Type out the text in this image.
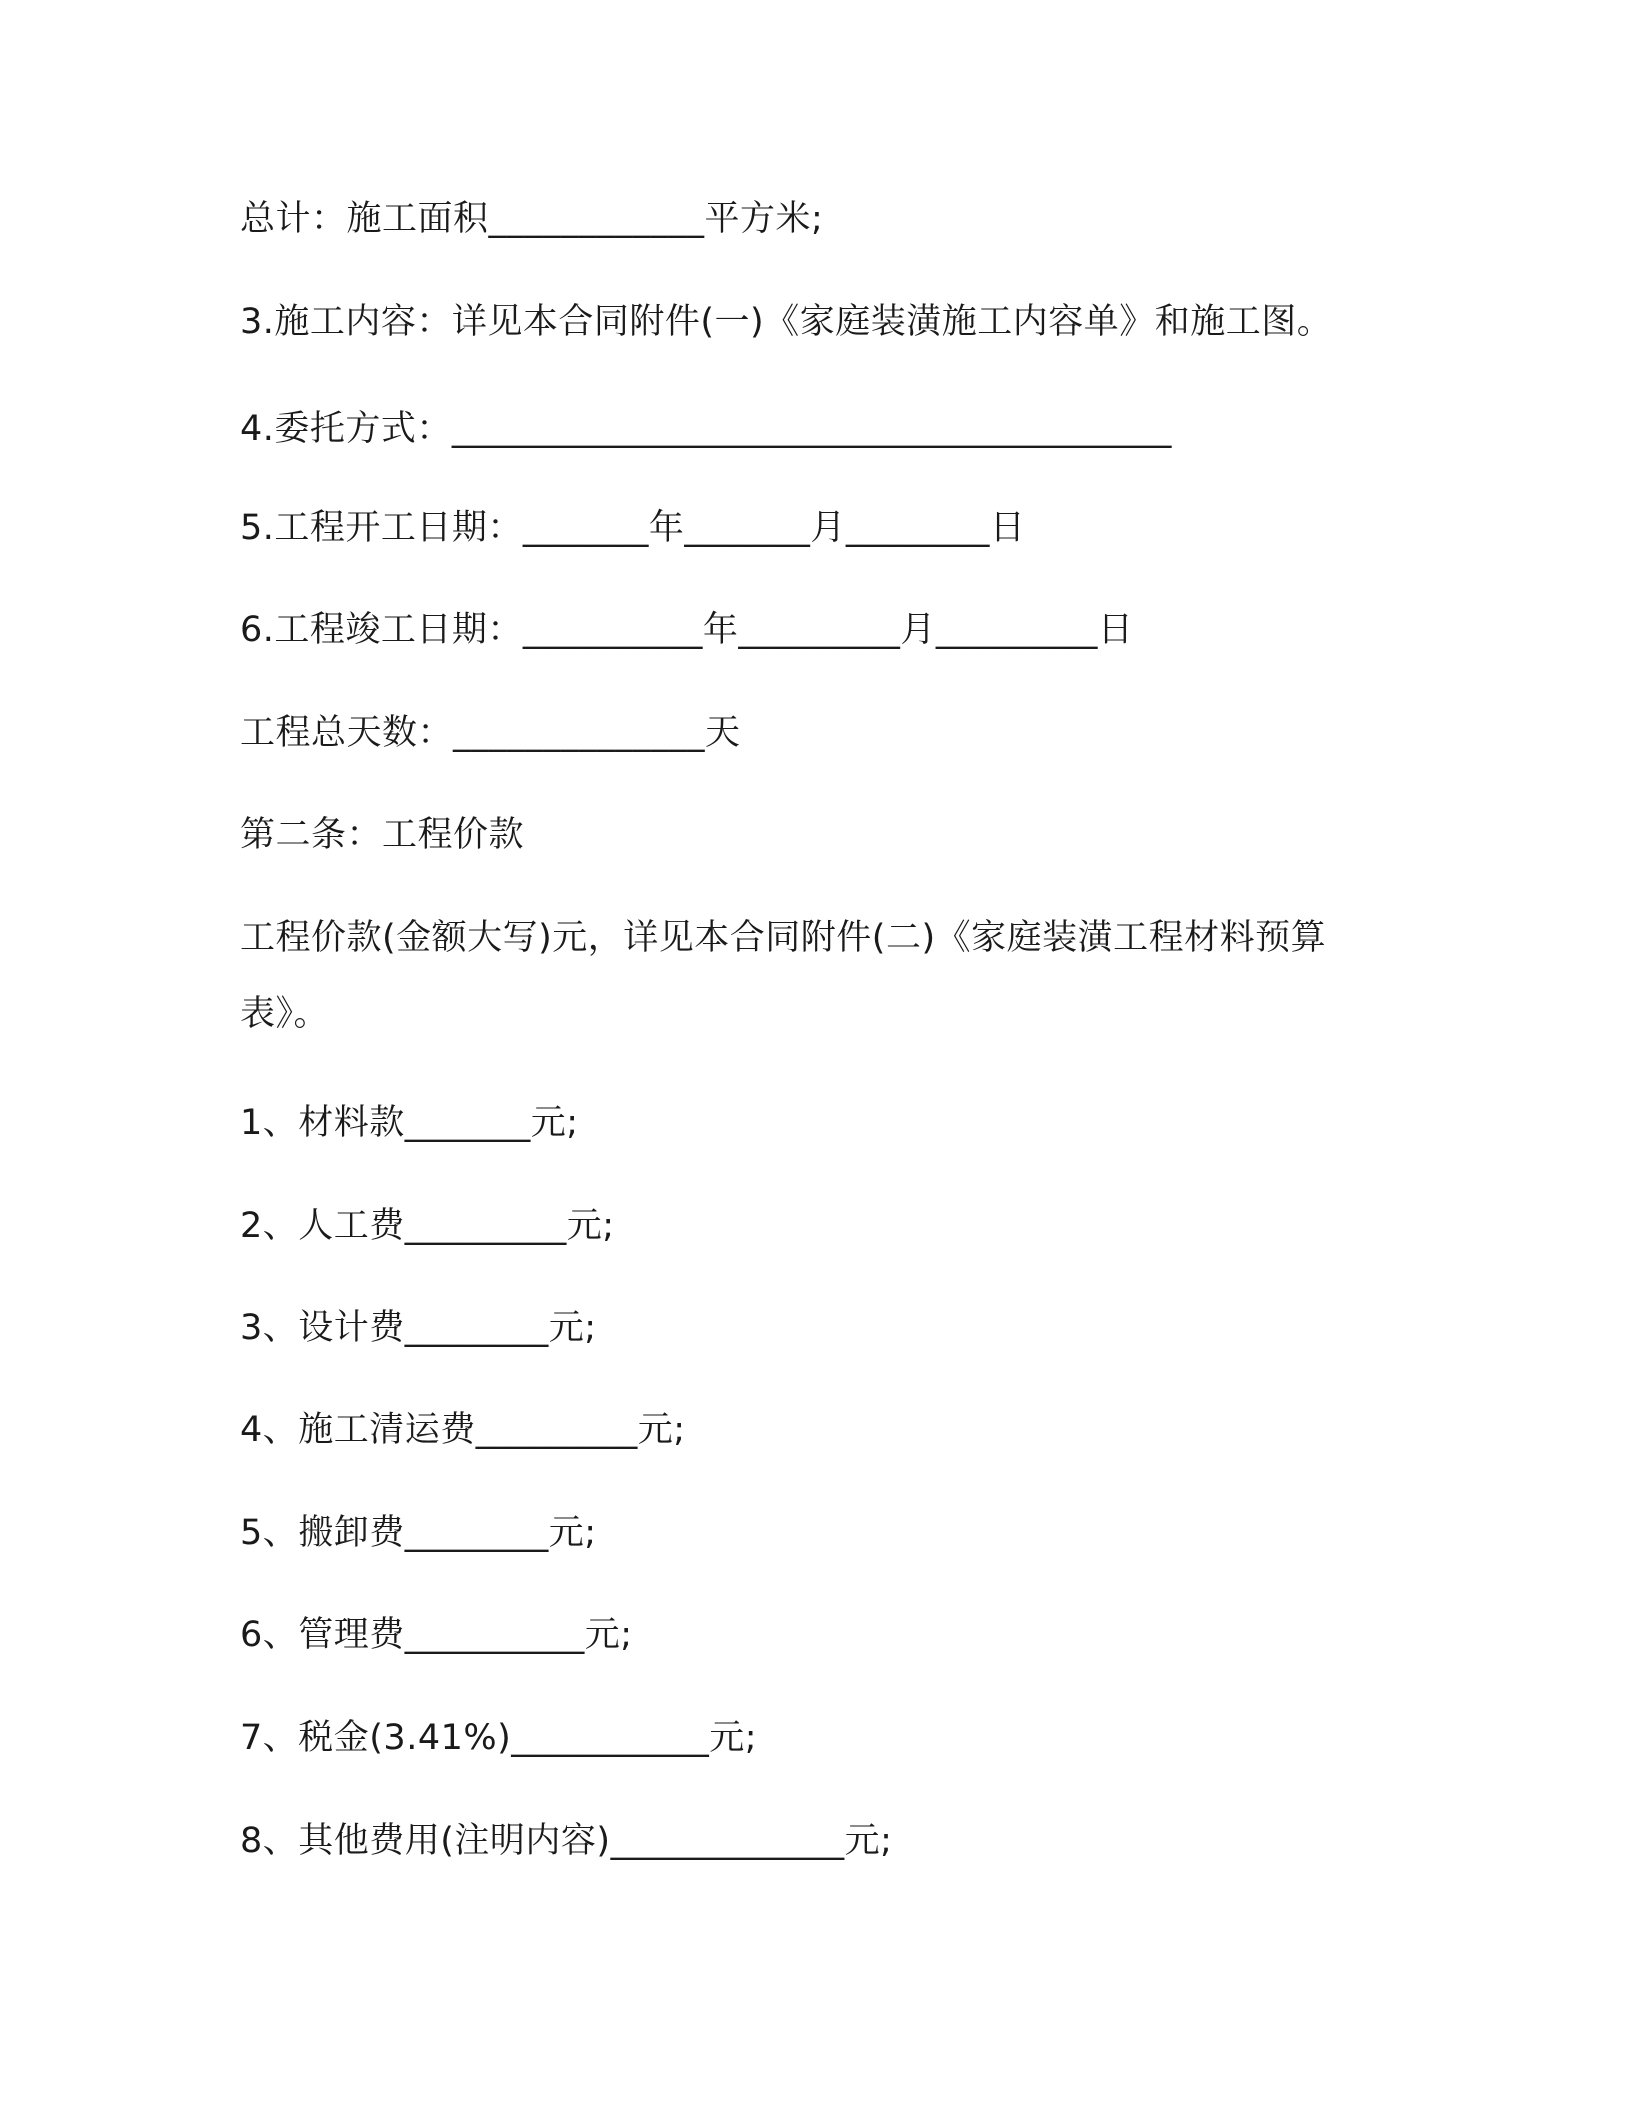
总计：施工面积____________平方米;
3.施工内容：详见本合同附件(一)《家庭装潢施工内容单》和施工图。
4.委托方式：________________________________________
5.工程开工日期：_______年_______月________日
6.工程竣工日期：__________年_________月_________日
工程总天数：______________天
第二条：工程价款
工程价款(金额大写)元，详见本合同附件(二)《家庭装潢工程材料预算表》。
1、材料款_______元;
2、人工费_________元;
3、设计费________元;
4、施工清运费_________元;
5、搬卸费________元;
6、管理费__________元;
7、税金(3.41%)___________元;
8、其他费用(注明内容)_____________元;
